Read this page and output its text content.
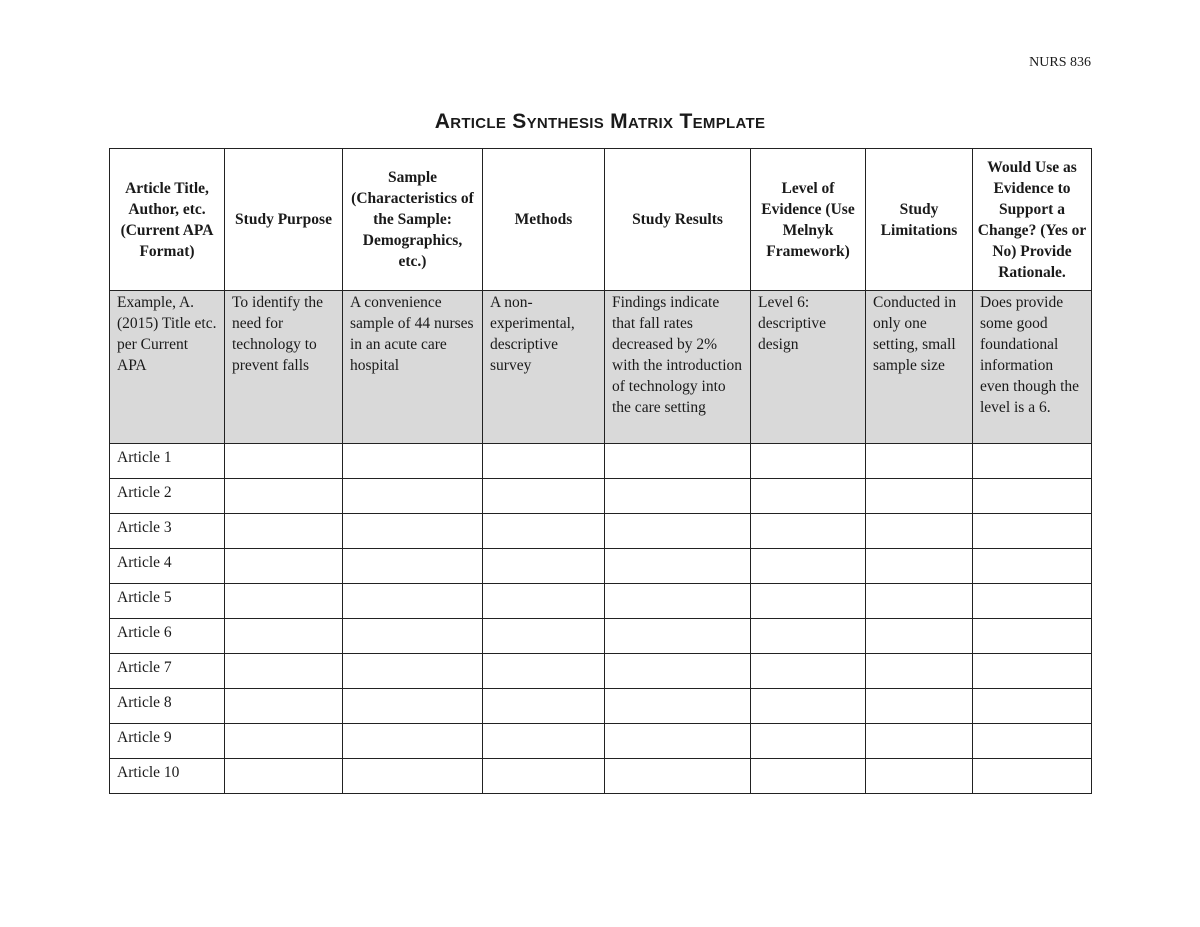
NURS 836
Article Synthesis Matrix Template
Article Title, Author, etc. (Current APA Format)	Study Purpose	Sample (Characteristics of the Sample: Demographics, etc.)	Methods	Study Results	Level of Evidence (Use Melnyk Framework)	Study Limitations	Would Use as Evidence to Support a Change? (Yes or No) Provide Rationale.
Example, A. (2015) Title etc. per Current APA	To identify the need for technology to prevent falls	A convenience sample of 44 nurses in an acute care hospital	A non-experimental, descriptive survey	Findings indicate that fall rates decreased by 2% with the introduction of technology into the care setting	Level 6: descriptive design	Conducted in only one setting, small sample size	Does provide some good foundational information even though the level is a 6.
Article 1							
Article 2							
Article 3							
Article 4							
Article 5							
Article 6							
Article 7							
Article 8							
Article 9							
Article 10							
